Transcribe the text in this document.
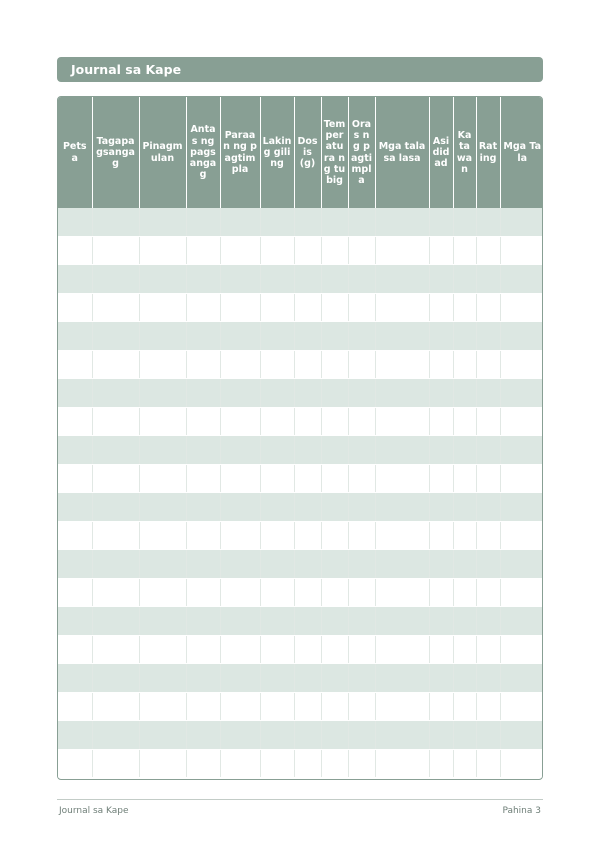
Journal sa Kape
Petsa	Tagapagsangag	Pinagmulan	Antas ng pagsangag	Paraan ng pagtimpla	Laking giling	Dosis (g)	Temperatura ng tubig	Oras ng pagtimpla	Mga tala sa lasa	Asididad	Katawan	Rating	Mga Tala

Journal sa Kape	Pahina 3
